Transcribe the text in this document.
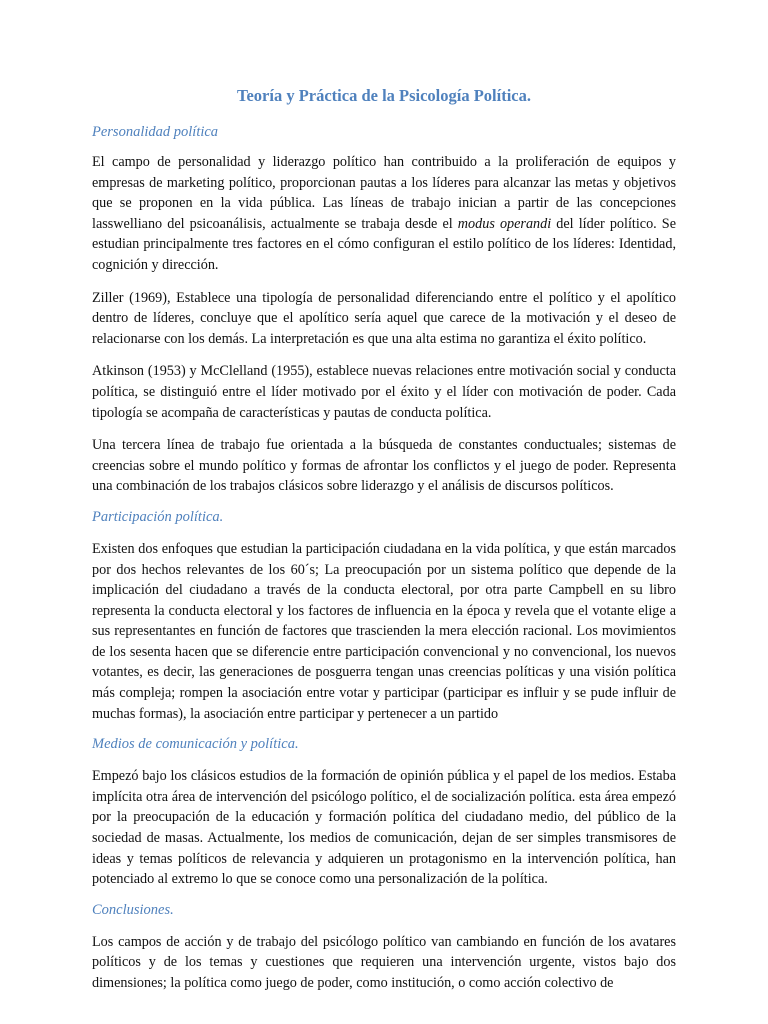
Teoría y Práctica de la Psicología Política.
Personalidad política

El campo de personalidad y liderazgo político han contribuido a la proliferación de equipos y empresas de marketing político, proporcionan pautas a los líderes para alcanzar las metas y objetivos que se proponen en la vida pública. Las líneas de trabajo inician a partir de las concepciones lasswelliano del psicoanálisis, actualmente se trabaja desde el modus operandi del líder político. Se estudian principalmente tres factores en el cómo configuran el estilo político de los líderes: Identidad, cognición y dirección.

Ziller (1969), Establece una tipología de personalidad diferenciando entre el político y el apolítico dentro de líderes, concluye que el apolítico sería aquel que carece de la motivación y el deseo de relacionarse con los demás. La interpretación es que una alta estima no garantiza el éxito político.

Atkinson (1953) y McClelland (1955), establece nuevas relaciones entre motivación social y conducta política, se distinguió entre el líder motivado por el éxito y el líder con motivación de poder. Cada tipología se acompaña de características y pautas de conducta política.

Una tercera línea de trabajo fue orientada a la búsqueda de constantes conductuales; sistemas de creencias sobre el mundo político y formas de afrontar los conflictos y el juego de poder. Representa una combinación de los trabajos clásicos sobre liderazgo y el análisis de discursos políticos.

Participación política.

Existen dos enfoques que estudian la participación ciudadana en la vida política, y que están marcados por dos hechos relevantes de los 60´s; La preocupación por un sistema político que depende de la implicación del ciudadano a través de la conducta electoral, por otra parte Campbell en su libro representa la conducta electoral y los factores de influencia en la época y revela que el votante elige a sus representantes en función de factores que trascienden la mera elección racional. Los movimientos de los sesenta hacen que se diferencie entre participación convencional y no convencional, los nuevos votantes, es decir, las generaciones de posguerra tengan unas creencias políticas y una visión política más compleja; rompen la asociación entre votar y participar (participar es influir y se pude influir de muchas formas), la asociación entre participar y pertenecer a un partido

Medios de comunicación y política.

Empezó bajo los clásicos estudios de la formación de opinión pública y el papel de los medios. Estaba implícita otra área de intervención del psicólogo político, el de socialización política. esta área empezó por la preocupación de la educación y formación política del ciudadano medio, del público de la sociedad de masas. Actualmente, los medios de comunicación, dejan de ser simples transmisores de ideas y temas políticos de relevancia y adquieren un protagonismo en la intervención política, han potenciado al extremo lo que se conoce como una personalización de la política.

Conclusiones.

Los campos de acción y de trabajo del psicólogo político van cambiando en función de los avatares políticos y de los temas y cuestiones que requieren una intervención urgente, vistos bajo dos dimensiones; la política como juego de poder, como institución, o como acción colectivo de
